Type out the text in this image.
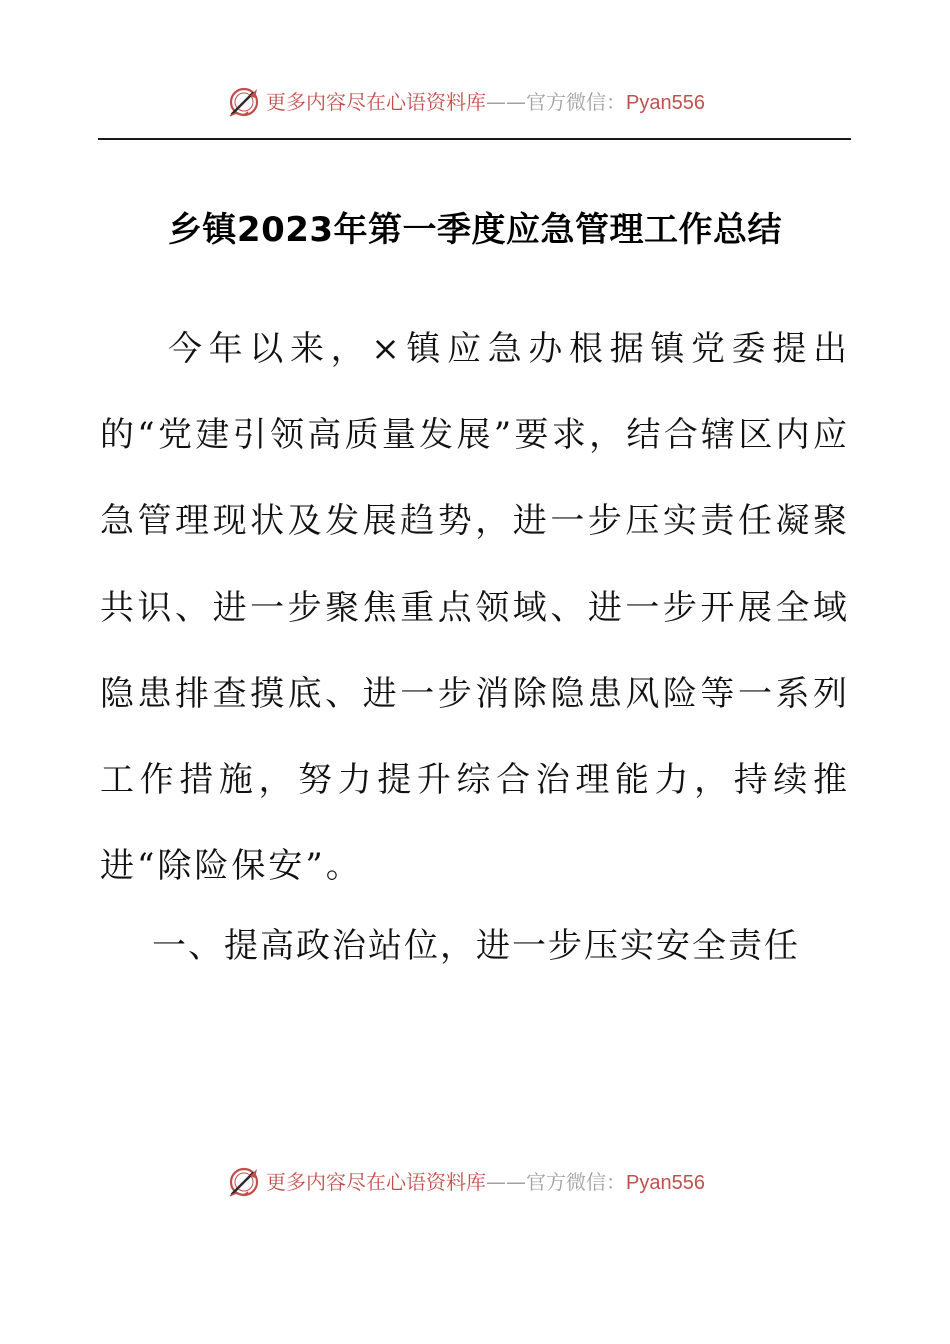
更多内容尽在心语资料库——官方微信：Pyan556
乡镇2023年第一季度应急管理工作总结

今年以来，×镇应急办根据镇党委提出的“党建引领高质量发展”要求，结合辖区内应急管理现状及发展趋势，进一步压实责任凝聚共识、进一步聚焦重点领域、进一步开展全域隐患排查摸底、进一步消除隐患风险等一系列工作措施，努力提升综合治理能力，持续推进“除险保安”。

一、提高政治站位，进一步压实安全责任
更多内容尽在心语资料库——官方微信：Pyan556
